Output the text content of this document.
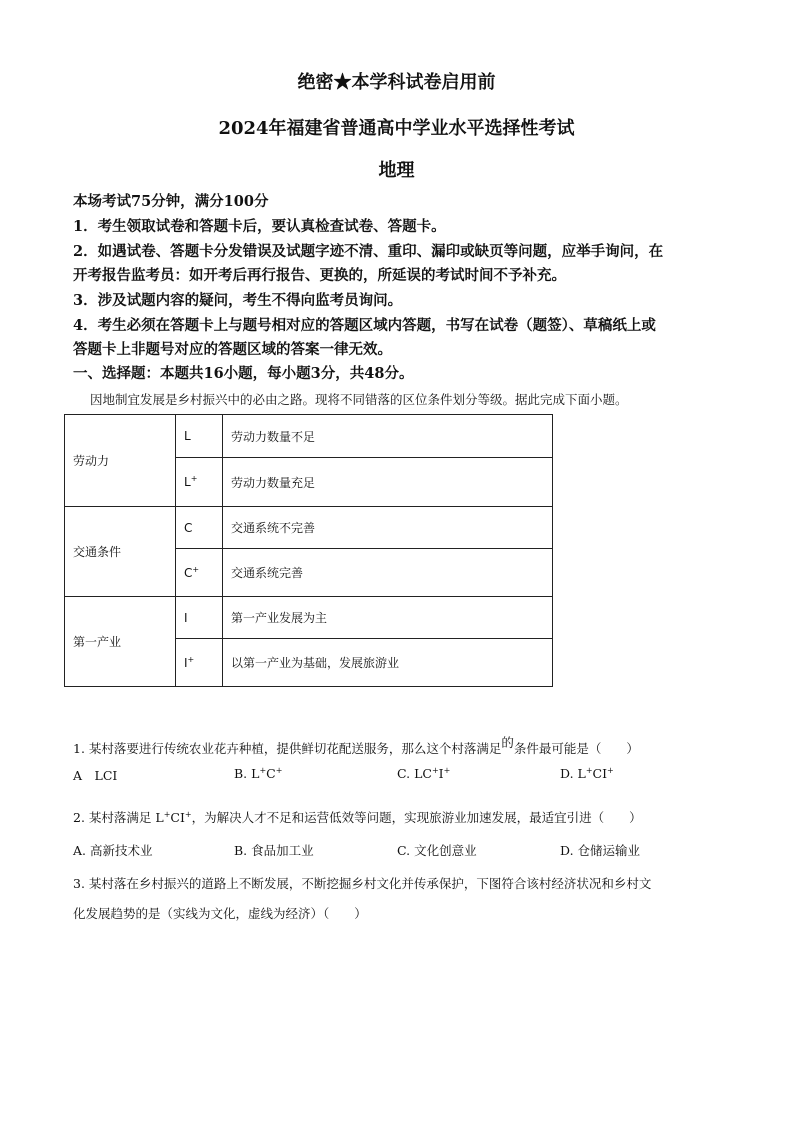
绝密★本学科试卷启用前
2024年福建省普通高中学业水平选择性考试
地理
本场考试75分钟，满分100分
1．考生领取试卷和答题卡后，要认真检查试卷、答题卡。
2．如遇试卷、答题卡分发错误及试题字迹不清、重印、漏印或缺页等问题，应举手询问，在
开考报告监考员：如开考后再行报告、更换的，所延误的考试时间不予补充。
3．涉及试题内容的疑问，考生不得向监考员询问。
4．考生必须在答题卡上与题号相对应的答题区域内答题，书写在试卷（题签）、草稿纸上或
答题卡上非题号对应的答题区域的答案一律无效。
一、选择题：本题共16小题，每小题3分，共48分。
因地制宜发展是乡村振兴中的必由之路。现将不同错落的区位条件划分等级。据此完成下面小题。
劳动力	L	劳动力数量不足
	L+	劳动力数量充足
交通条件	C	交通系统不完善
	C+	交通系统完善
第一产业	I	第一产业发展为主
	I+	以第一产业为基础，发展旅游业
1. 某村落要进行传统农业花卉种植，提供鲜切花配送服务，那么这个村落满足的条件最可能是（　　）
A　LCI	B. L+C+	C. LC+I+	D. L+CI+
2. 某村落满足 L+CI+，为解决人才不足和运营低效等问题，实现旅游业加速发展，最适宜引进（　　）
A. 高新技术业	B. 食品加工业	C. 文化创意业	D. 仓储运输业
3. 某村落在乡村振兴的道路上不断发展，不断挖掘乡村文化并传承保护，下图符合该村经济状况和乡村文
化发展趋势的是（实线为文化，虚线为经济）（　　）
